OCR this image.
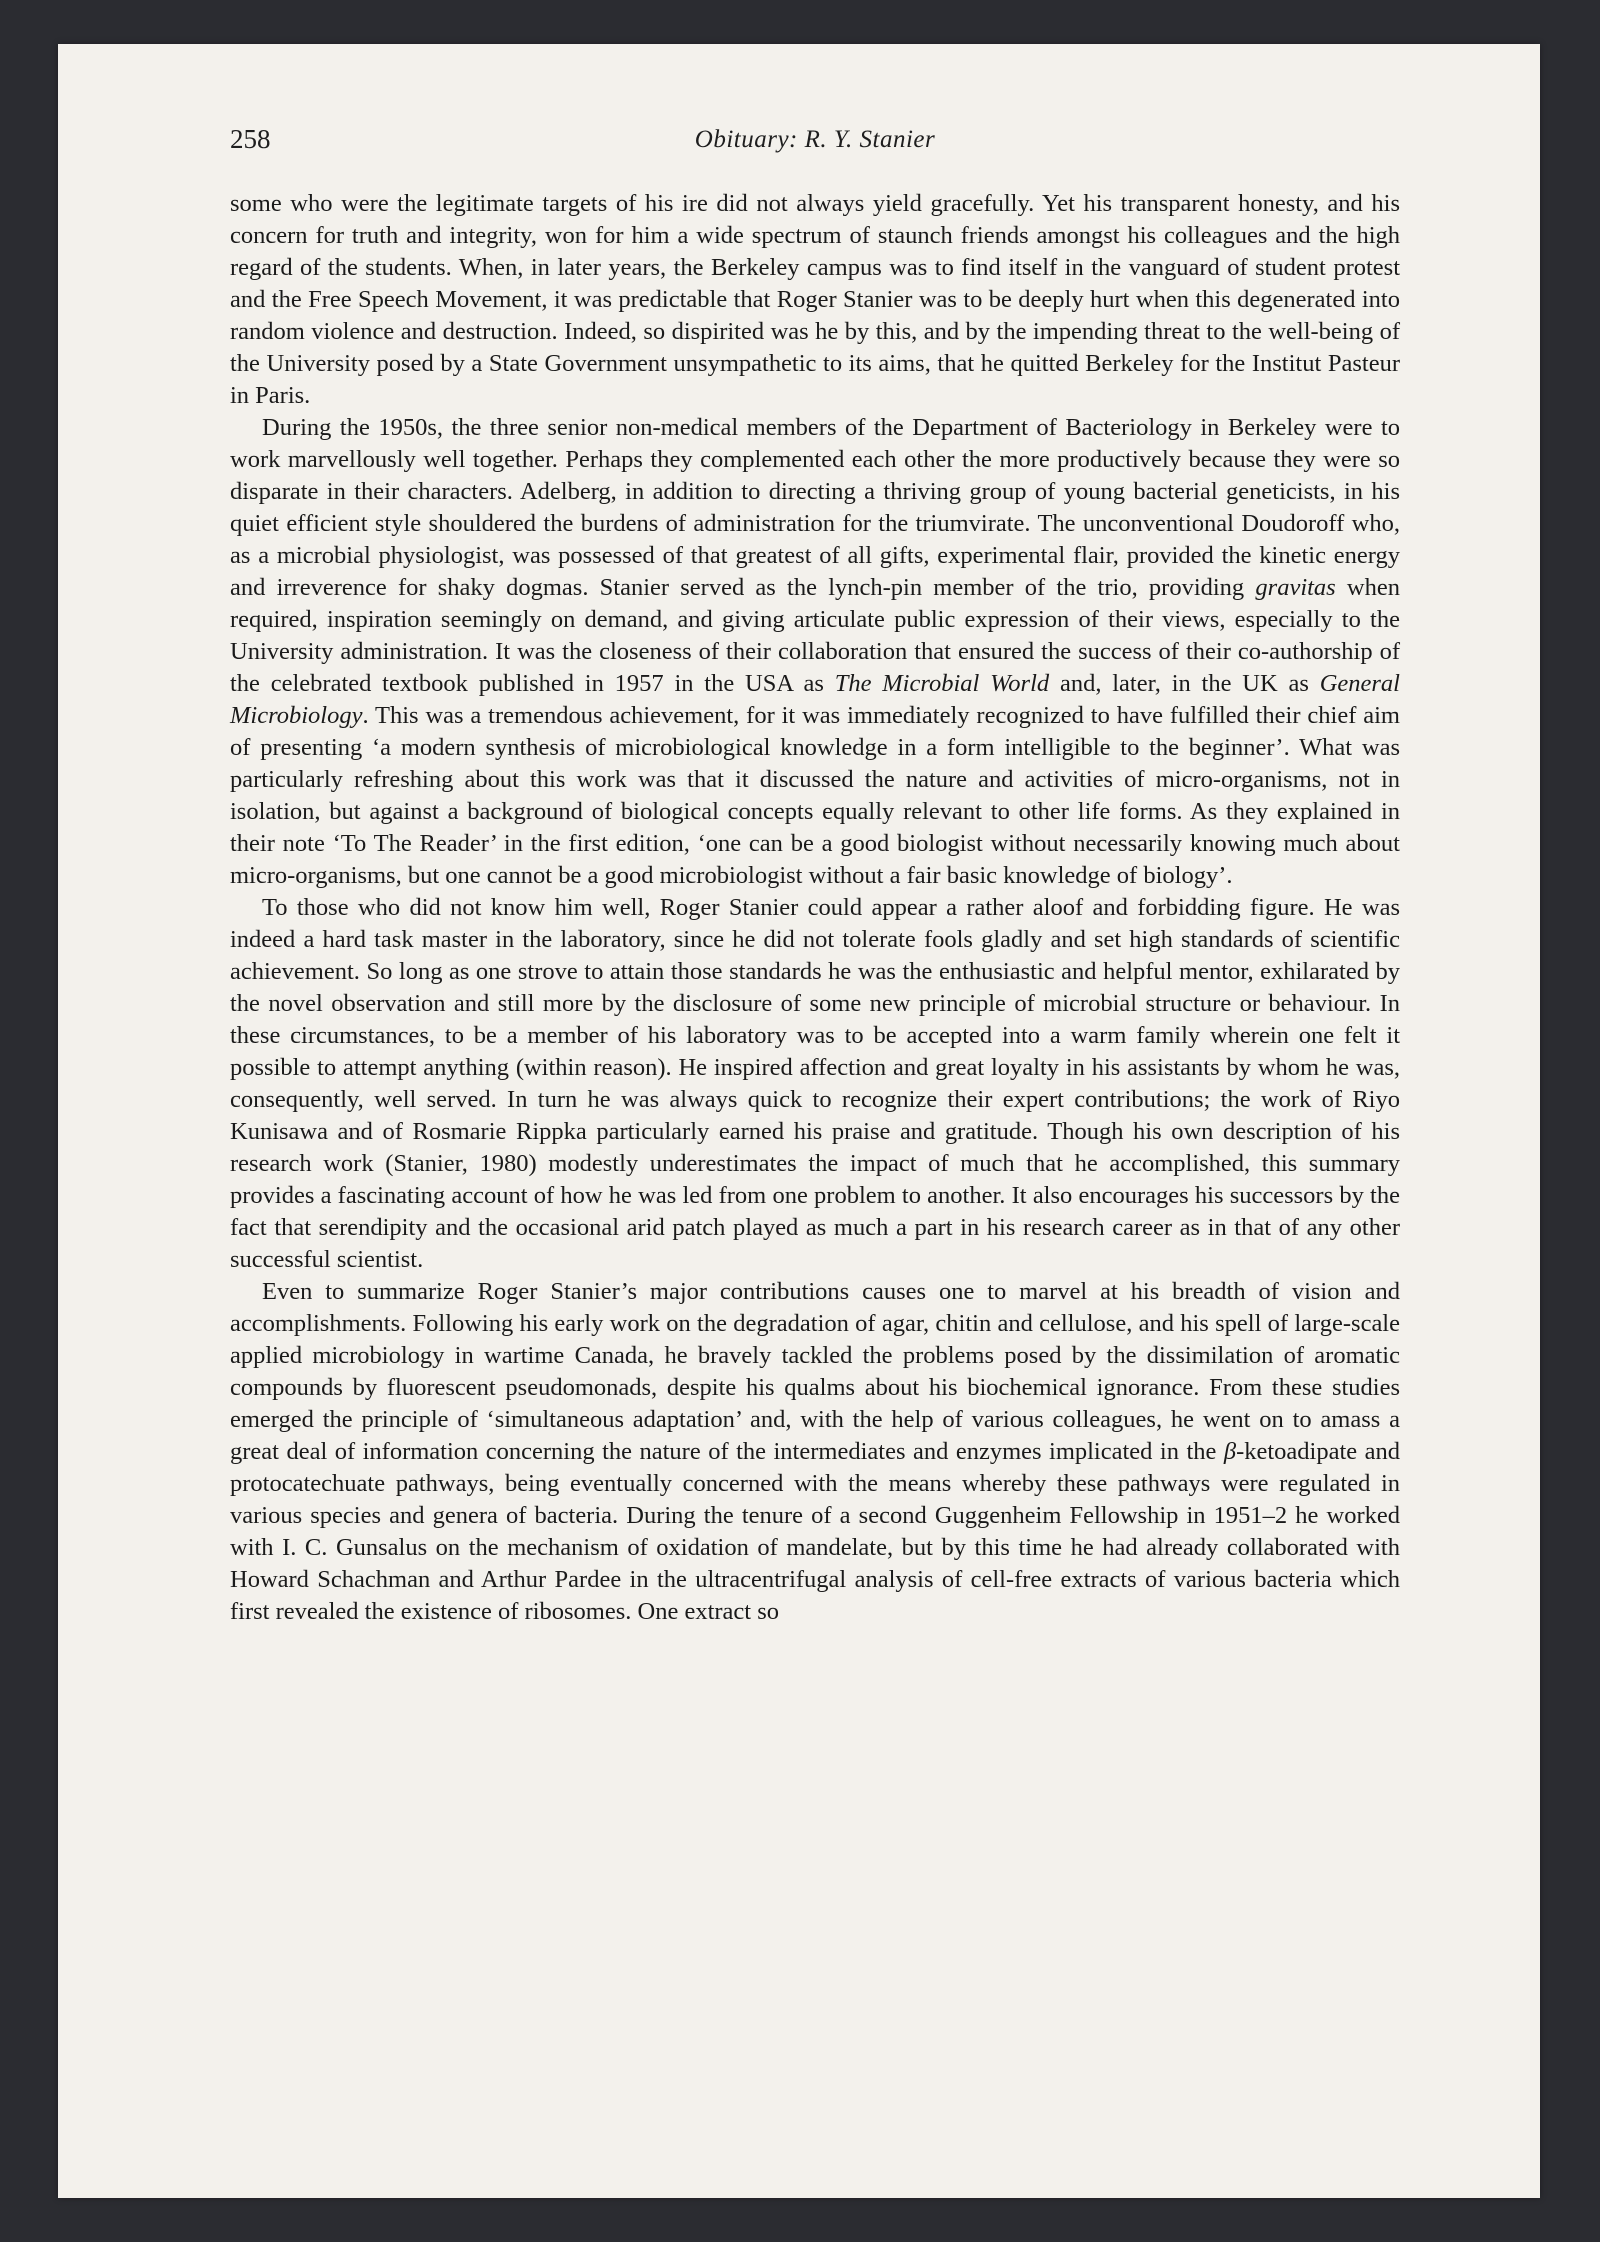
258	Obituary: R. Y. Stanier

some who were the legitimate targets of his ire did not always yield gracefully. Yet his transparent honesty, and his concern for truth and integrity, won for him a wide spectrum of staunch friends amongst his colleagues and the high regard of the students. When, in later years, the Berkeley campus was to find itself in the vanguard of student protest and the Free Speech Movement, it was predictable that Roger Stanier was to be deeply hurt when this degenerated into random violence and destruction. Indeed, so dispirited was he by this, and by the impending threat to the well-being of the University posed by a State Government unsympathetic to its aims, that he quitted Berkeley for the Institut Pasteur in Paris.

During the 1950s, the three senior non-medical members of the Department of Bacteriology in Berkeley were to work marvellously well together. Perhaps they complemented each other the more productively because they were so disparate in their characters. Adelberg, in addition to directing a thriving group of young bacterial geneticists, in his quiet efficient style shouldered the burdens of administration for the triumvirate. The unconventional Doudoroff who, as a microbial physiologist, was possessed of that greatest of all gifts, experimental flair, provided the kinetic energy and irreverence for shaky dogmas. Stanier served as the lynch-pin member of the trio, providing gravitas when required, inspiration seemingly on demand, and giving articulate public expression of their views, especially to the University administration. It was the closeness of their collaboration that ensured the success of their co-authorship of the celebrated textbook published in 1957 in the USA as The Microbial World and, later, in the UK as General Microbiology. This was a tremendous achievement, for it was immediately recognized to have fulfilled their chief aim of presenting ‘a modern synthesis of microbiological knowledge in a form intelligible to the beginner’. What was particularly refreshing about this work was that it discussed the nature and activities of micro-organisms, not in isolation, but against a background of biological concepts equally relevant to other life forms. As they explained in their note ‘To The Reader’ in the first edition, ‘one can be a good biologist without necessarily knowing much about micro-organisms, but one cannot be a good microbiologist without a fair basic knowledge of biology’.

To those who did not know him well, Roger Stanier could appear a rather aloof and forbidding figure. He was indeed a hard task master in the laboratory, since he did not tolerate fools gladly and set high standards of scientific achievement. So long as one strove to attain those standards he was the enthusiastic and helpful mentor, exhilarated by the novel observation and still more by the disclosure of some new principle of microbial structure or behaviour. In these circumstances, to be a member of his laboratory was to be accepted into a warm family wherein one felt it possible to attempt anything (within reason). He inspired affection and great loyalty in his assistants by whom he was, consequently, well served. In turn he was always quick to recognize their expert contributions; the work of Riyo Kunisawa and of Rosmarie Rippka particularly earned his praise and gratitude. Though his own description of his research work (Stanier, 1980) modestly underestimates the impact of much that he accomplished, this summary provides a fascinating account of how he was led from one problem to another. It also encourages his successors by the fact that serendipity and the occasional arid patch played as much a part in his research career as in that of any other successful scientist.

Even to summarize Roger Stanier’s major contributions causes one to marvel at his breadth of vision and accomplishments. Following his early work on the degradation of agar, chitin and cellulose, and his spell of large-scale applied microbiology in wartime Canada, he bravely tackled the problems posed by the dissimilation of aromatic compounds by fluorescent pseudomonads, despite his qualms about his biochemical ignorance. From these studies emerged the principle of ‘simultaneous adaptation’ and, with the help of various colleagues, he went on to amass a great deal of information concerning the nature of the intermediates and enzymes implicated in the β-ketoadipate and protocatechuate pathways, being eventually concerned with the means whereby these pathways were regulated in various species and genera of bacteria. During the tenure of a second Guggenheim Fellowship in 1951–2 he worked with I. C. Gunsalus on the mechanism of oxidation of mandelate, but by this time he had already collaborated with Howard Schachman and Arthur Pardee in the ultracentrifugal analysis of cell-free extracts of various bacteria which first revealed the existence of ribosomes. One extract so
